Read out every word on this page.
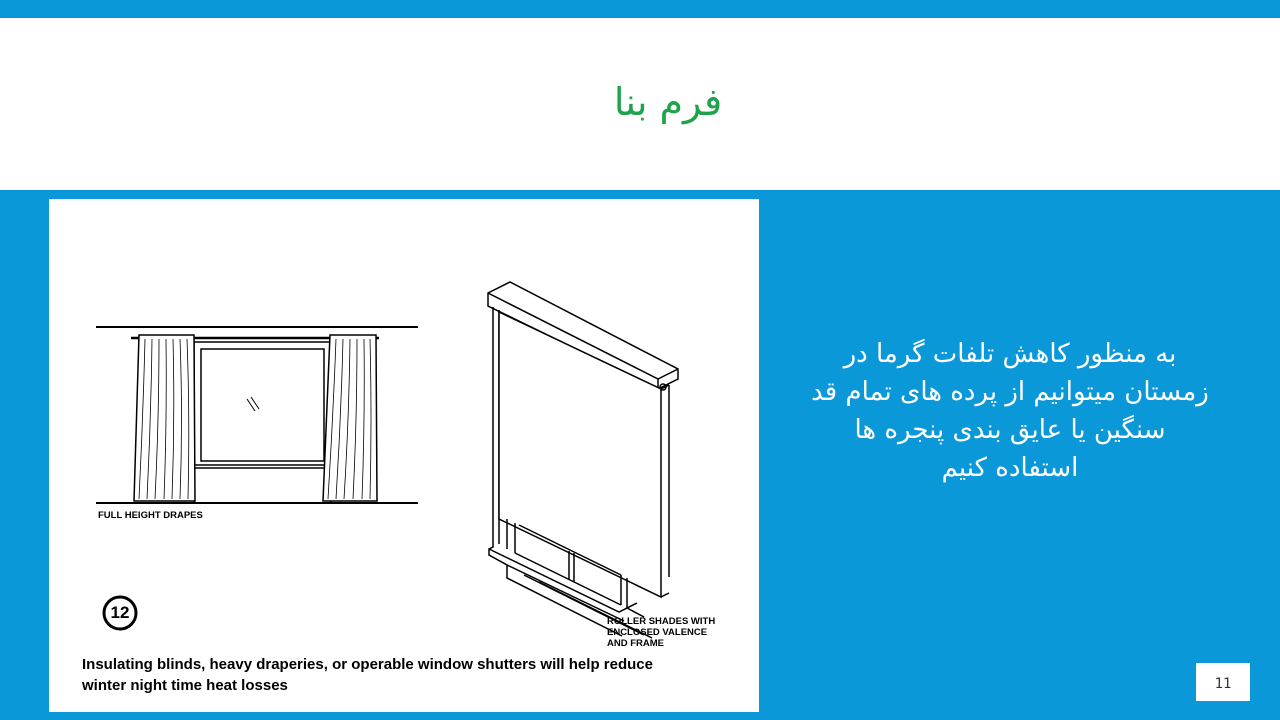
فرم بنا
FULL HEIGHT DRAPES
12	ROLLER SHADES WITH
ENCLOSED VALENCE
AND FRAME
Insulating blinds, heavy draperies, or operable window shutters will help reduce
winter night time heat losses
به منظور کاهش تلفات گرما در
زمستان میتوانیم از پرده های تمام قد
سنگین یا عایق بندی پنجره ها
استفاده کنیم
11
